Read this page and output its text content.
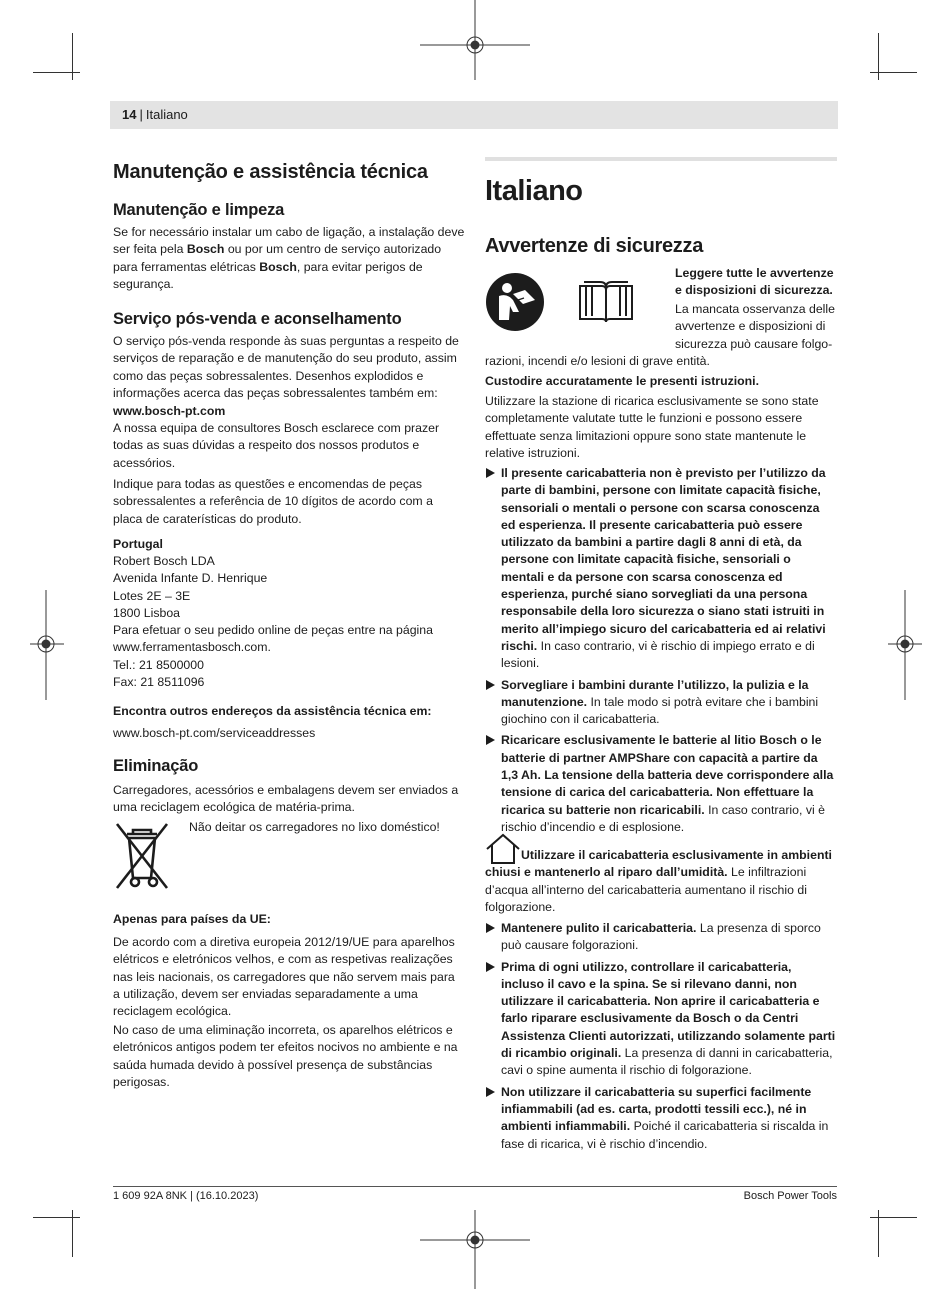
14 | Italiano
Manutenção e assistência técnica
Manutenção e limpeza

Se for necessário instalar um cabo de ligação, a instalação deve ser feita pela Bosch ou por um centro de serviço autorizado para ferramentas elétricas Bosch, para evitar perigos de segurança.

Serviço pós-venda e aconselhamento

O serviço pós-venda responde às suas perguntas a respeito de serviços de reparação e de manutenção do seu produto, assim como das peças sobressalentes. Desenhos explodidos e informações acerca das peças sobressalentes também em:

www.bosch-pt.com

A nossa equipa de consultores Bosch esclarece com prazer todas as suas dúvidas a respeito dos nossos produtos e acessórios.

Indique para todas as questões e encomendas de peças sobressalentes a referência de 10 dígitos de acordo com a placa de caraterísticas do produto.

Portugal

Robert Bosch LDA

Avenida Infante D. Henrique

Lotes 2E – 3E

1800 Lisboa

Para efetuar o seu pedido online de peças entre na página www.ferramentasbosch.com.

Tel.: 21 8500000

Fax: 21 8511096

Encontra outros endereços da assistência técnica em:

www.bosch-pt.com/serviceaddresses

Eliminação

Carregadores, acessórios e embalagens devem ser enviados a uma reciclagem ecológica de matéria-prima.

Não deitar os carregadores no lixo doméstico!

Apenas para países da UE:

De acordo com a diretiva europeia 2012/19/UE para aparelhos elétricos e eletrónicos velhos, e com as respetivas realizações nas leis nacionais, os carregadores que não servem mais para a utilização, devem ser enviadas separadamente a uma reciclagem ecológica.

No caso de uma eliminação incorreta, os aparelhos elétricos e eletrónicos antigos podem ter efeitos nocivos no ambiente e na saúda humada devido à possível presença de substâncias perigosas.

Italiano
Avvertenze di sicurezza

Leggere tutte le avvertenze e disposizioni di sicurezza.

La mancata osservanza delle avvertenze e disposizioni di sicurezza può causare folgo-

razioni, incendi e/o lesioni di grave entità.

Custodire accuratamente le presenti istruzioni.

Utilizzare la stazione di ricarica esclusivamente se sono state completamente valutate tutte le funzioni e possono essere effettuate senza limitazioni oppure sono state mantenute le relative istruzioni.

Il presente caricabatteria non è previsto per l’utilizzo da parte di bambini, persone con limitate capacità fisiche, sensoriali o mentali o persone con scarsa conoscenza ed esperienza. Il presente caricabatteria può essere utilizzato da bambini a partire dagli 8 anni di età, da persone con limitate capacità fisiche, sensoriali o mentali e da persone con scarsa conoscenza ed esperienza, purché siano sorvegliati da una persona responsabile della loro sicurezza o siano stati istruiti in merito all’impiego sicuro del caricabatteria ed ai relativi rischi. In caso contrario, vi è rischio di impiego errato e di lesioni.

Sorvegliare i bambini durante l’utilizzo, la pulizia e la manutenzione. In tale modo si potrà evitare che i bambini giochino con il caricabatteria.

Ricaricare esclusivamente le batterie al litio Bosch o le batterie di partner AMPShare con capacità a partire da 1,3 Ah. La tensione della batteria deve corrispondere alla tensione di carica del caricabatteria. Non effettuare la ricarica su batterie non ricaricabili. In caso contrario, vi è rischio d’incendio e di esplosione.

Utilizzare il caricabatteria esclusivamente in ambienti chiusi e mantenerlo al riparo dall’umidità. Le infiltrazioni d’acqua all’interno del caricabatteria aumentano il rischio di folgorazione.

Mantenere pulito il caricabatteria. La presenza di sporco può causare folgorazioni.

Prima di ogni utilizzo, controllare il caricabatteria, incluso il cavo e la spina. Se si rilevano danni, non utilizzare il caricabatteria. Non aprire il caricabatteria e farlo riparare esclusivamente da Bosch o da Centri Assistenza Clienti autorizzati, utilizzando solamente parti di ricambio originali. La presenza di danni in caricabatteria, cavi o spine aumenta il rischio di folgorazione.

Non utilizzare il caricabatteria su superfici facilmente infiammabili (ad es. carta, prodotti tessili ecc.), né in ambienti infiammabili. Poiché il caricabatteria si riscalda in fase di ricarica, vi è rischio d’incendio.

1 609 92A 8NK | (16.10.2023)	Bosch Power Tools
